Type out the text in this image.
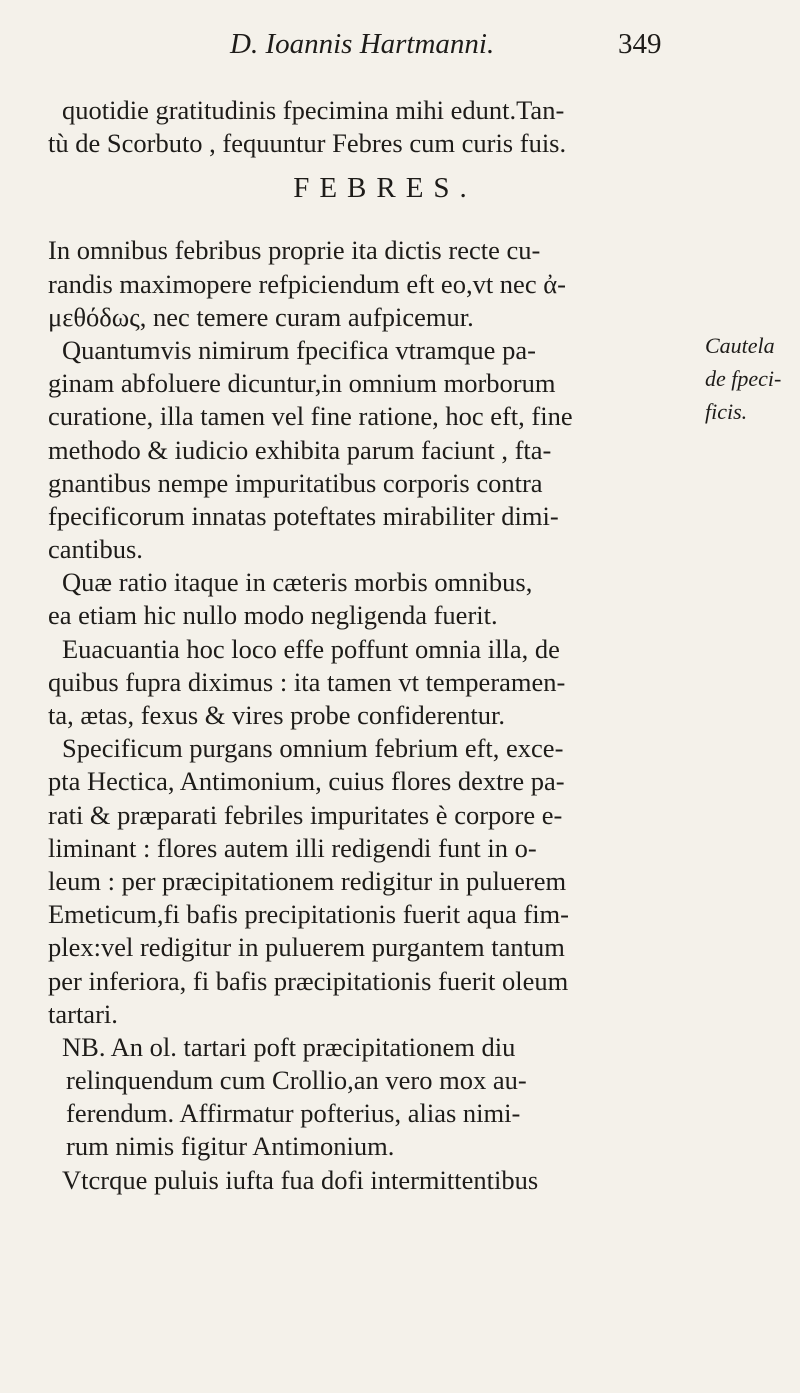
D. Ioannis Hartmanni.	349
quotidie gratitudinis fpecimina mihi edunt.Tan-
tù de Scorbuto , fequuntur Febres cum curis fuis.
FEBRES.
In omnibus febribus proprie ita dictis recte cu-
randis maximopere refpiciendum eft eo,vt nec ἀ-
μεθόδως, nec temere curam aufpicemur.
Quantumvis nimirum fpecifica vtramque pa-
ginam abfoluere dicuntur,in omnium morborum
curatione, illa tamen vel fine ratione, hoc eft, fine
methodo & iudicio exhibita parum faciunt , fta-
gnantibus nempe impuritatibus corporis contra
fpecificorum innatas poteftates mirabiliter dimi-
cantibus.
Quæ ratio itaque in cæteris morbis omnibus,
ea etiam hic nullo modo negligenda fuerit.
Euacuantia hoc loco effe poffunt omnia illa, de
quibus fupra diximus : ita tamen vt temperamen-
ta, ætas, fexus & vires probe confiderentur.
Specificum purgans omnium febrium eft, exce-
pta Hectica, Antimonium, cuius flores dextre pa-
rati & præparati febriles impuritates è corpore e-
liminant : flores autem illi redigendi funt in o-
leum : per præcipitationem redigitur in puluerem
Emeticum,fi bafis precipitationis fuerit aqua fim-
plex:vel redigitur in puluerem purgantem tantum
per inferiora, fi bafis præcipitationis fuerit oleum
tartari.
NB. An ol. tartari poft præcipitationem diu
relinquendum cum Crollio,an vero mox au-
ferendum. Affirmatur pofterius, alias nimi-
rum nimis figitur Antimonium.
Vtcrque puluis iufta fua dofi intermittentibus
Cautela
de fpeci-
ficis.
